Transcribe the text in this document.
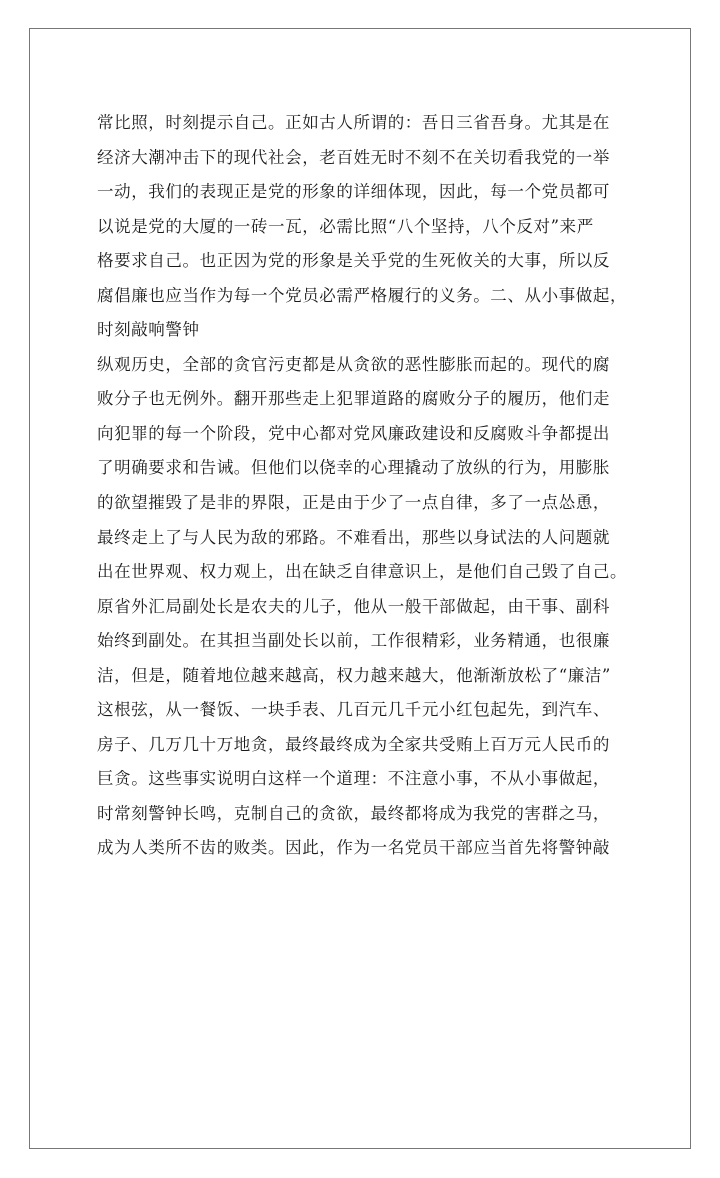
常比照，时刻提示自己。正如古人所谓的：吾日三省吾身。尤其是在
经济大潮冲击下的现代社会，老百姓无时不刻不在关切看我党的一举
一动，我们的表现正是党的形象的详细体现，因此，每一个党员都可
以说是党的大厦的一砖一瓦，必需比照“八个坚持，八个反对”来严
格要求自己。也正因为党的形象是关乎党的生死攸关的大事，所以反
腐倡廉也应当作为每一个党员必需严格履行的义务。二、从小事做起，
时刻敲响警钟
纵观历史，全部的贪官污吏都是从贪欲的恶性膨胀而起的。现代的腐
败分子也无例外。翻开那些走上犯罪道路的腐败分子的履历，他们走
向犯罪的每一个阶段，党中心都对党风廉政建设和反腐败斗争都提出
了明确要求和告诫。但他们以侥幸的心理撬动了放纵的行为，用膨胀
的欲望摧毁了是非的界限，正是由于少了一点自律，多了一点怂恿，
最终走上了与人民为敌的邪路。不难看出，那些以身试法的人问题就
出在世界观、权力观上，出在缺乏自律意识上，是他们自己毁了自己。
原省外汇局副处长是农夫的儿子，他从一般干部做起，由干事、副科
始终到副处。在其担当副处长以前，工作很精彩，业务精通，也很廉
洁，但是，随着地位越来越高，权力越来越大，他渐渐放松了“廉洁”
这根弦，从一餐饭、一块手表、几百元几千元小红包起先，到汽车、
房子、几万几十万地贪，最终最终成为全家共受贿上百万元人民币的
巨贪。这些事实说明白这样一个道理：不注意小事，不从小事做起，
时常刻警钟长鸣，克制自己的贪欲，最终都将成为我党的害群之马，
成为人类所不齿的败类。因此，作为一名党员干部应当首先将警钟敲
